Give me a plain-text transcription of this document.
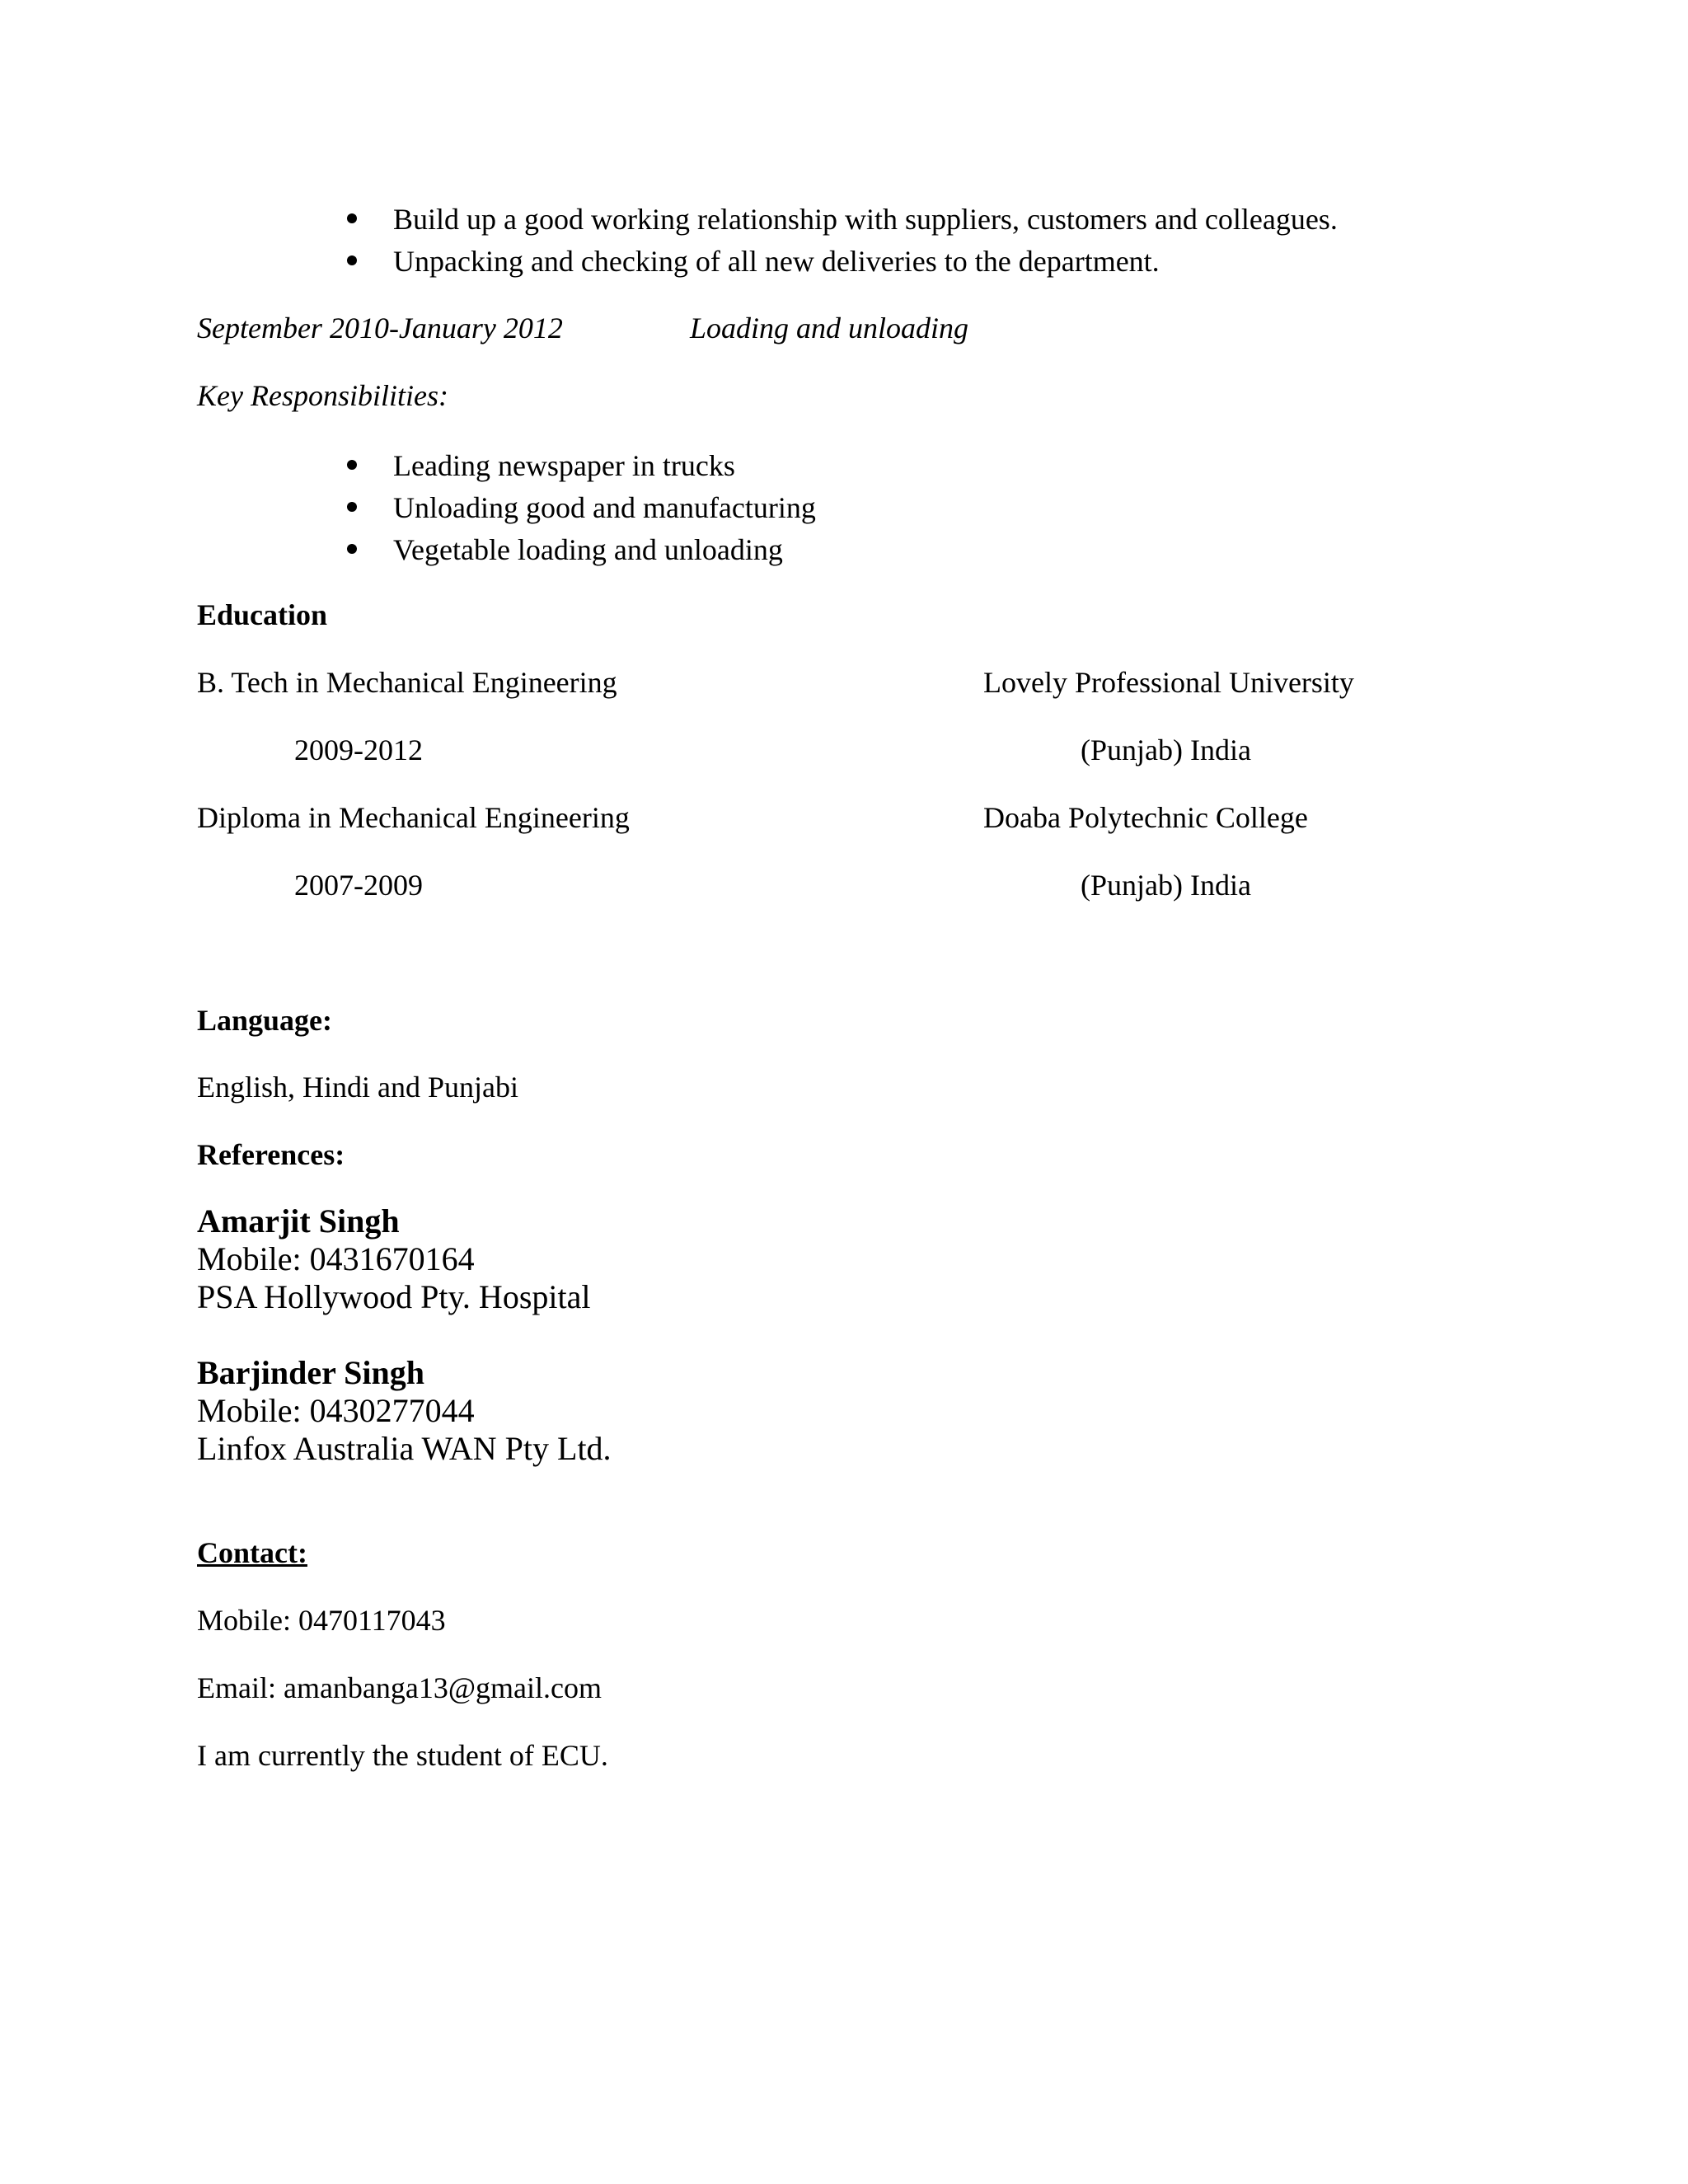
Build up a good working relationship with suppliers, customers and colleagues.
Unpacking and checking of all new deliveries to the department.
September 2010-January 2012	Loading and unloading
Key Responsibilities:
Leading newspaper in trucks
Unloading good and manufacturing
Vegetable loading and unloading
Education
B. Tech in Mechanical Engineering	Lovely Professional University
2009-2012	(Punjab) India
Diploma in Mechanical Engineering	Doaba Polytechnic College
2007-2009	(Punjab) India
Language:
English, Hindi and Punjabi
References:
Amarjit Singh
Mobile: 0431670164
PSA Hollywood Pty. Hospital
Barjinder Singh
Mobile: 0430277044
Linfox Australia WAN Pty Ltd.
Contact:
Mobile: 0470117043
Email: amanbanga13@gmail.com
I am currently the student of ECU.
